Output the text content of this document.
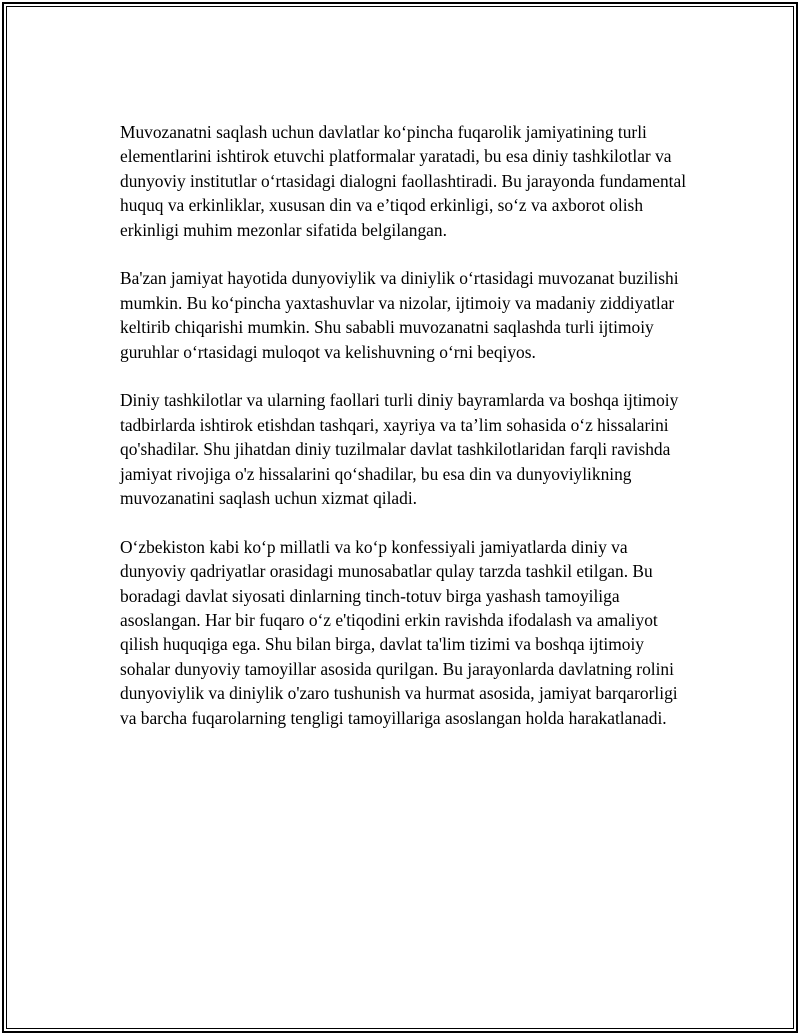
Muvozanatni saqlash uchun davlatlar ko‘pincha fuqarolik jamiyatining turli elementlarini ishtirok etuvchi platformalar yaratadi, bu esa diniy tashkilotlar va dunyoviy institutlar o‘rtasidagi dialogni faollashtiradi. Bu jarayonda fundamental huquq va erkinliklar, xususan din va e’tiqod erkinligi, so‘z va axborot olish erkinligi muhim mezonlar sifatida belgilangan.

Ba'zan jamiyat hayotida dunyoviylik va diniylik o‘rtasidagi muvozanat buzilishi mumkin. Bu ko‘pincha yaxtashuvlar va nizolar, ijtimoiy va madaniy ziddiyatlar keltirib chiqarishi mumkin. Shu sababli muvozanatni saqlashda turli ijtimoiy guruhlar o‘rtasidagi muloqot va kelishuvning o‘rni beqiyos.

Diniy tashkilotlar va ularning faollari turli diniy bayramlarda va boshqa ijtimoiy tadbirlarda ishtirok etishdan tashqari, xayriya va ta’lim sohasida o‘z hissalarini qo'shadilar. Shu jihatdan diniy tuzilmalar davlat tashkilotlaridan farqli ravishda jamiyat rivojiga o'z hissalarini qo‘shadilar, bu esa din va dunyoviylikning muvozanatini saqlash uchun xizmat qiladi.

O‘zbekiston kabi ko‘p millatli va ko‘p konfessiyali jamiyatlarda diniy va dunyoviy qadriyatlar orasidagi munosabatlar qulay tarzda tashkil etilgan. Bu boradagi davlat siyosati dinlarning tinch-totuv birga yashash tamoyiliga asoslangan. Har bir fuqaro o‘z e'tiqodini erkin ravishda ifodalash va amaliyot qilish huquqiga ega. Shu bilan birga, davlat ta'lim tizimi va boshqa ijtimoiy sohalar dunyoviy tamoyillar asosida qurilgan. Bu jarayonlarda davlatning rolini dunyoviylik va diniylik o'zaro tushunish va hurmat asosida, jamiyat barqarorligi va barcha fuqarolarning tengligi tamoyillariga asoslangan holda harakatlanadi.
